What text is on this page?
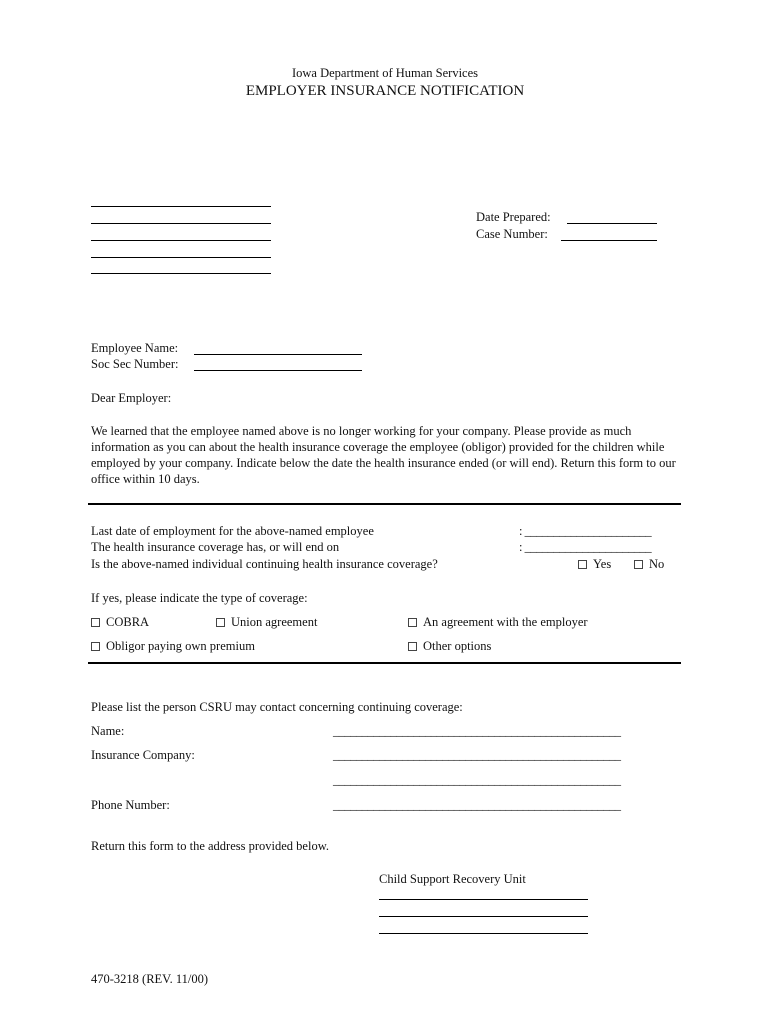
Iowa Department of Human Services
EMPLOYER INSURANCE NOTIFICATION
Date Prepared:
Case Number:
Employee Name:
Soc Sec Number:
Dear Employer:
We learned that the employee named above is no longer working for your company. Please provide as much information as you can about the health insurance coverage the employee (obligor) provided for the children while employed by your company. Indicate below the date the health insurance ended (or will end). Return this form to our office within 10 days.
Last date of employment for the above-named employee	: ______________________
The health insurance coverage has, or will end on	: ______________________
Is the above-named individual continuing health insurance coverage?	Yes	No
If yes, please indicate the type of coverage:
COBRA	Union agreement	An agreement with the employer
Obligor paying own premium	Other options
Please list the person CSRU may contact concerning continuing coverage:
Name:	__________________________________________________
Insurance Company:	__________________________________________________
__________________________________________________
Phone Number:	__________________________________________________
Return this form to the address provided below.
Child Support Recovery Unit
470-3218 (REV. 11/00)
